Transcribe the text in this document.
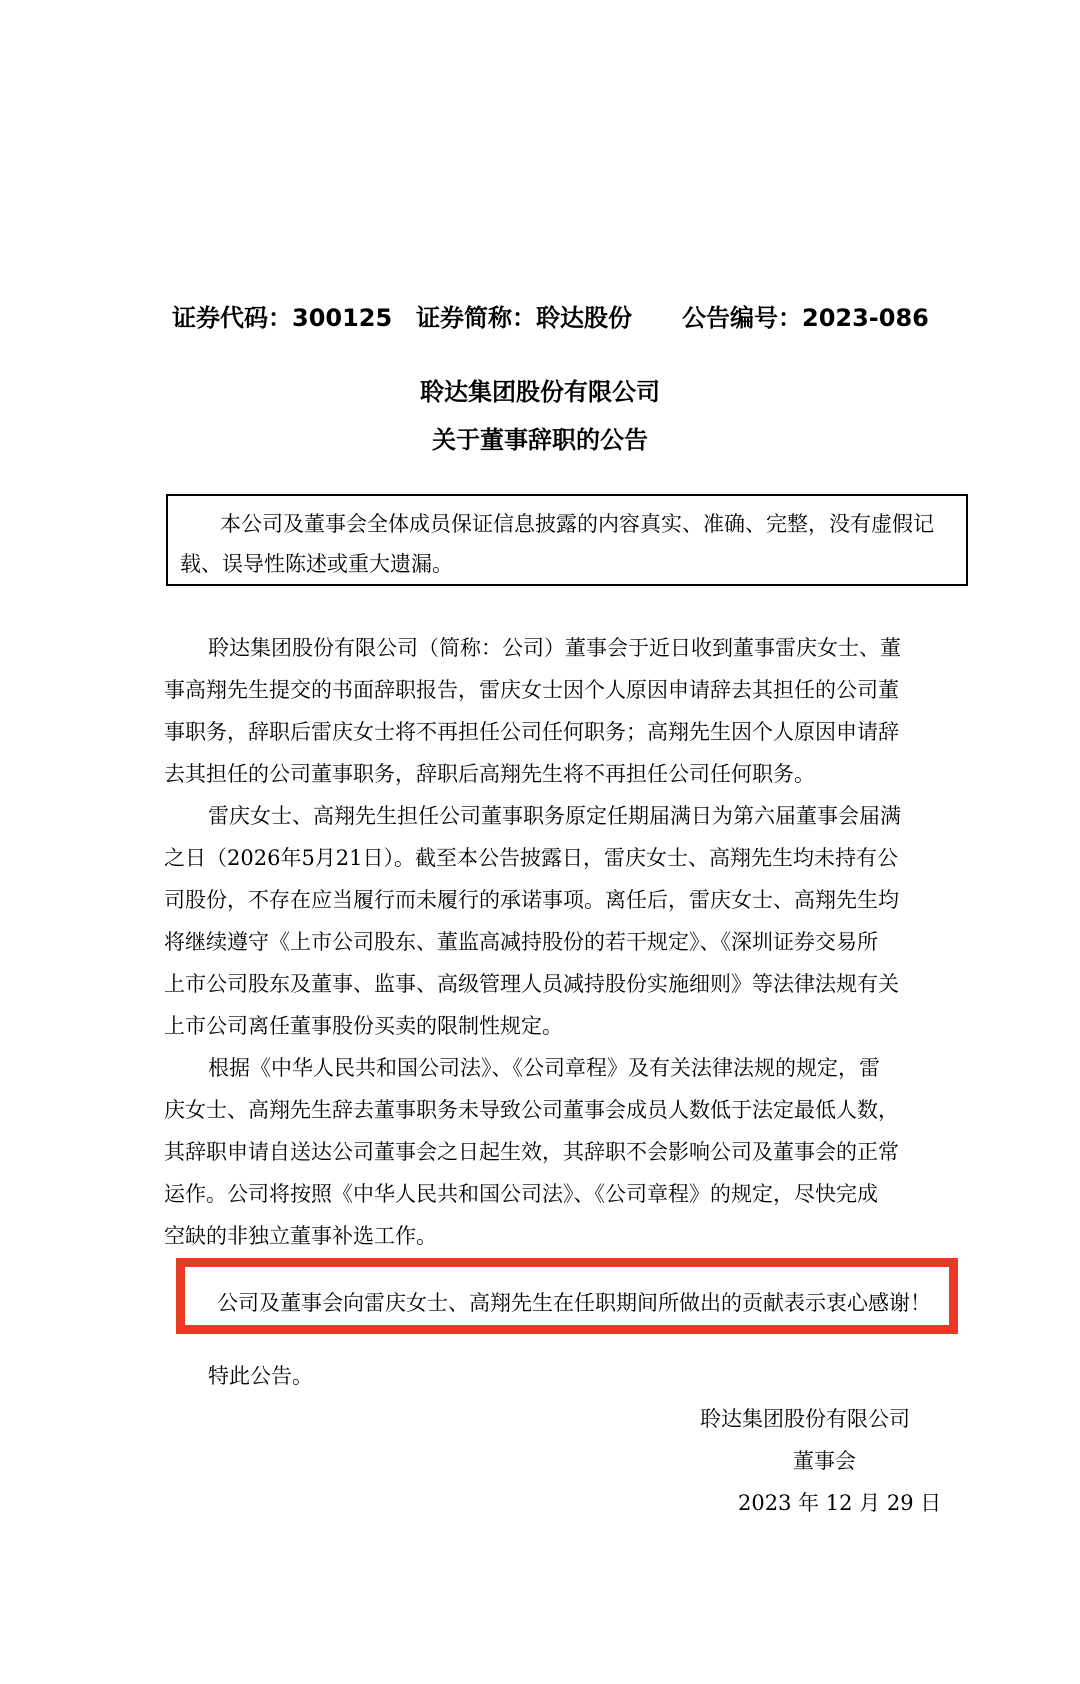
证券代码：300125 证券简称：聆达股份 公告编号：2023-086
聆达集团股份有限公司
关于董事辞职的公告
本公司及董事会全体成员保证信息披露的内容真实、准确、完整，没有虚假记
载、误导性陈述或重大遗漏。
聆达集团股份有限公司（简称：公司）董事会于近日收到董事雷庆女士、董
事高翔先生提交的书面辞职报告，雷庆女士因个人原因申请辞去其担任的公司董
事职务，辞职后雷庆女士将不再担任公司任何职务；高翔先生因个人原因申请辞
去其担任的公司董事职务，辞职后高翔先生将不再担任公司任何职务。
雷庆女士、高翔先生担任公司董事职务原定任期届满日为第六届董事会届满
之日（2026年5月21日）。截至本公告披露日，雷庆女士、高翔先生均未持有公
司股份，不存在应当履行而未履行的承诺事项。离任后，雷庆女士、高翔先生均
将继续遵守《上市公司股东、董监高减持股份的若干规定》、《深圳证券交易所
上市公司股东及董事、监事、高级管理人员减持股份实施细则》等法律法规有关
上市公司离任董事股份买卖的限制性规定。
根据《中华人民共和国公司法》、《公司章程》及有关法律法规的规定，雷
庆女士、高翔先生辞去董事职务未导致公司董事会成员人数低于法定最低人数，
其辞职申请自送达公司董事会之日起生效，其辞职不会影响公司及董事会的正常
运作。公司将按照《中华人民共和国公司法》、《公司章程》的规定，尽快完成
空缺的非独立董事补选工作。
公司及董事会向雷庆女士、高翔先生在任职期间所做出的贡献表示衷心感谢！
特此公告。
聆达集团股份有限公司
董事会
2023 年 12 月 29 日
